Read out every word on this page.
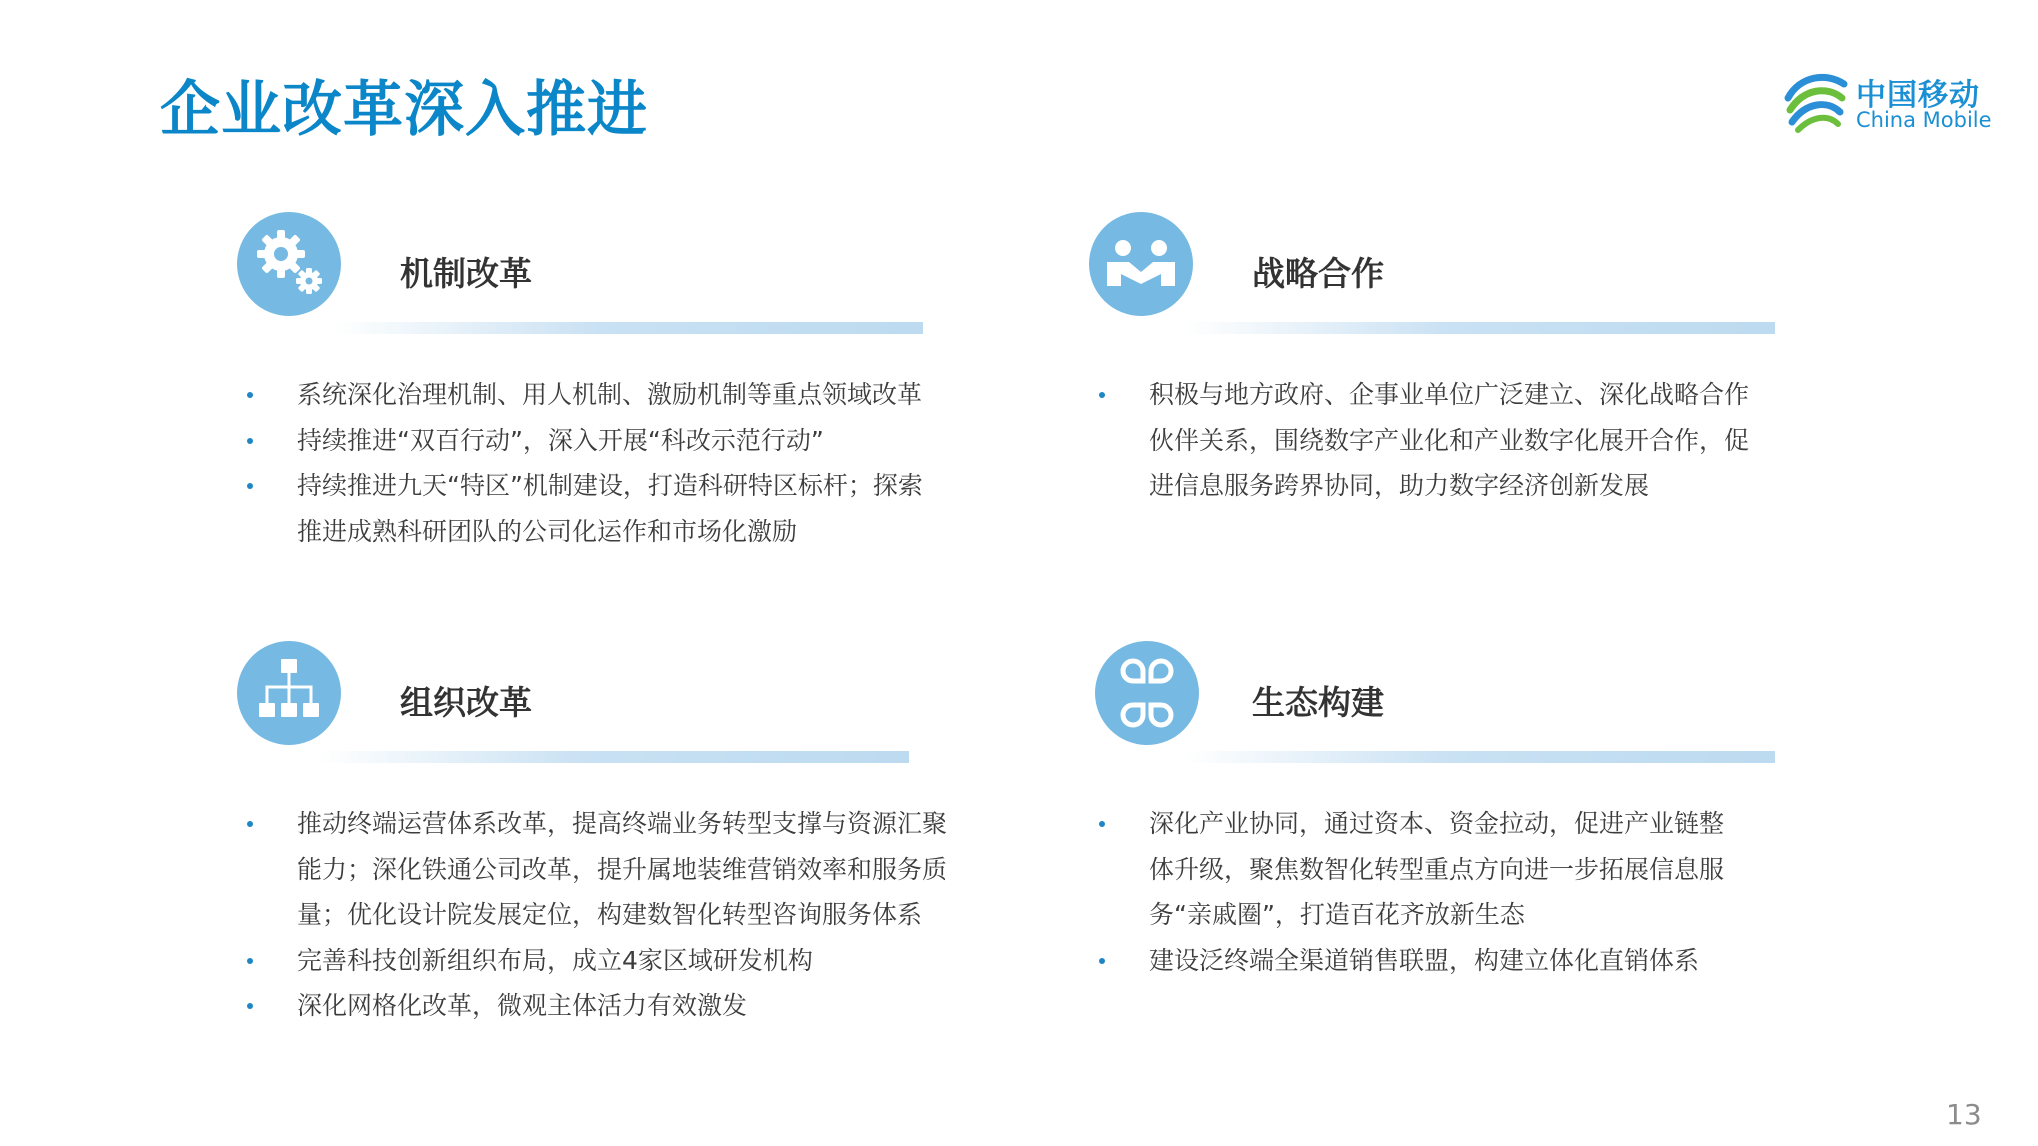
企业改革深入推进	中国移动
China Mobile
机制改革
系统深化治理机制、用人机制、激励机制等重点领域改革
持续推进“双百行动”，深入开展“科改示范行动”
持续推进九天“特区”机制建设，打造科研特区标杆；探索推进成熟科研团队的公司化运作和市场化激励
战略合作
积极与地方政府、企事业单位广泛建立、深化战略合作伙伴关系，围绕数字产业化和产业数字化展开合作，促进信息服务跨界协同，助力数字经济创新发展
组织改革
推动终端运营体系改革，提高终端业务转型支撑与资源汇聚能力；深化铁通公司改革，提升属地装维营销效率和服务质量；优化设计院发展定位，构建数智化转型咨询服务体系
完善科技创新组织布局，成立4家区域研发机构
深化网格化改革，微观主体活力有效激发
生态构建
深化产业协同，通过资本、资金拉动，促进产业链整体升级，聚焦数智化转型重点方向进一步拓展信息服务“亲戚圈”，打造百花齐放新生态
建设泛终端全渠道销售联盟，构建立体化直销体系
13
